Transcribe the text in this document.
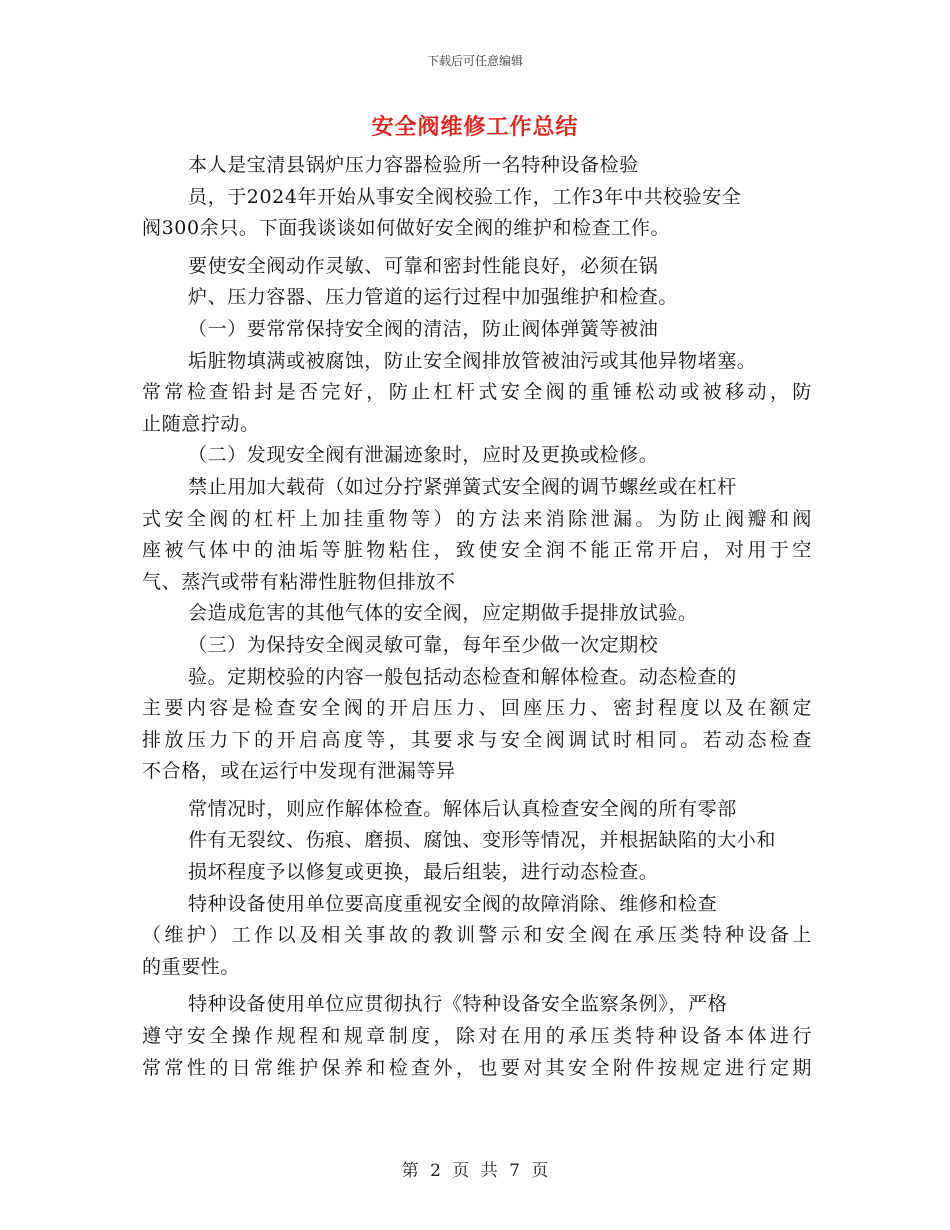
下载后可任意编辑
安全阀维修工作总结
本人是宝清县锅炉压力容器检验所一名特种设备检验
员，于2024年开始从事安全阀校验工作，工作3年中共校验安全
阀300余只。下面我谈谈如何做好安全阀的维护和检查工作。
要使安全阀动作灵敏、可靠和密封性能良好，必须在锅
炉、压力容器、压力管道的运行过程中加强维护和检查。
（一）要常常保持安全阀的清洁，防止阀体弹簧等被油
垢脏物填满或被腐蚀，防止安全阀排放管被油污或其他异物堵塞。
常常检查铅封是否完好，防止杠杆式安全阀的重锤松动或被移动，防
止随意拧动。
（二）发现安全阀有泄漏迹象时，应时及更换或检修。
禁止用加大载荷（如过分拧紧弹簧式安全阀的调节螺丝或在杠杆
式安全阀的杠杆上加挂重物等）的方法来消除泄漏。为防止阀瓣和阀
座被气体中的油垢等脏物粘住，致使安全润不能正常开启，对用于空
气、蒸汽或带有粘滞性脏物但排放不
会造成危害的其他气体的安全阀，应定期做手提排放试验。
（三）为保持安全阀灵敏可靠，每年至少做一次定期校
验。定期校验的内容一般包括动态检查和解体检查。动态检查的
主要内容是检查安全阀的开启压力、回座压力、密封程度以及在额定
排放压力下的开启高度等，其要求与安全阀调试时相同。若动态检查
不合格，或在运行中发现有泄漏等异
常情况时，则应作解体检查。解体后认真检查安全阀的所有零部
件有无裂纹、伤痕、磨损、腐蚀、变形等情况，并根据缺陷的大小和
损坏程度予以修复或更换，最后组装，进行动态检查。
特种设备使用单位要高度重视安全阀的故障消除、维修和检查
（维护）工作以及相关事故的教训警示和安全阀在承压类特种设备上
的重要性。
特种设备使用单位应贯彻执行《特种设备安全监察条例》，严格
遵守安全操作规程和规章制度，除对在用的承压类特种设备本体进行
常常性的日常维护保养和检查外，也要对其安全附件按规定进行定期
第 2 页 共 7 页
